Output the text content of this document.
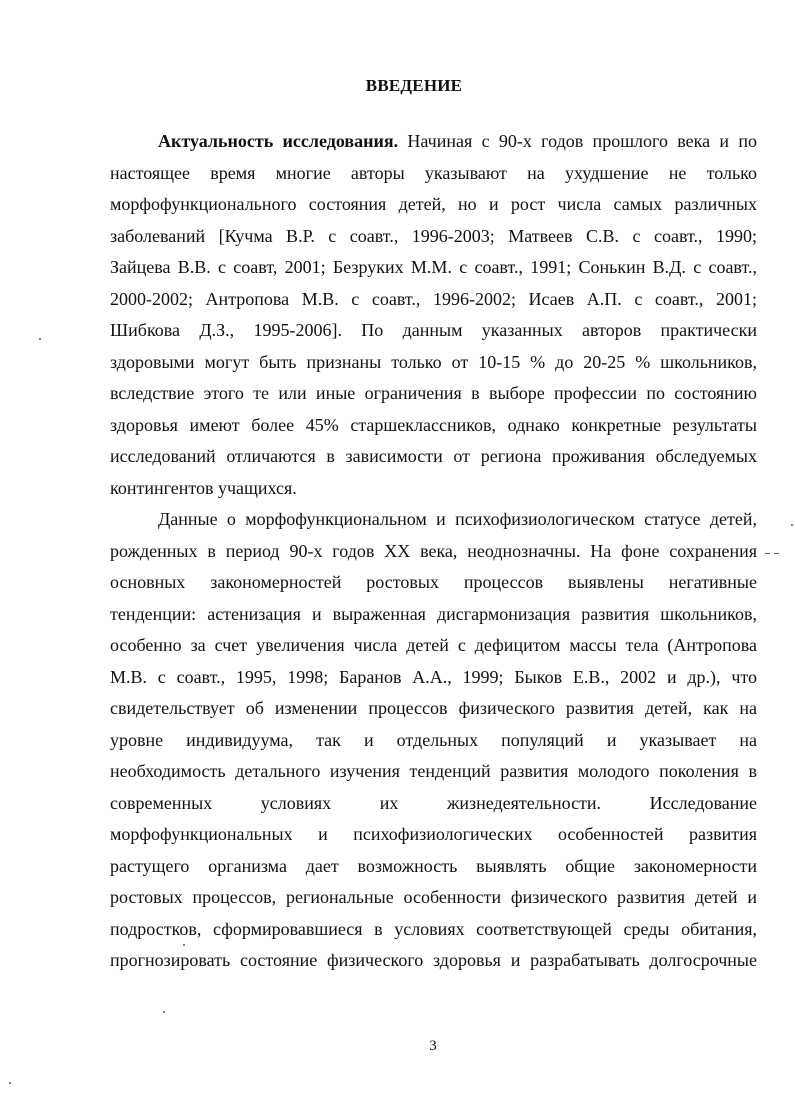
ВВЕДЕНИЕ
Актуальность исследования. Начиная с 90-х годов прошлого века и по
настоящее время многие авторы указывают на ухудшение не только
морфофункционального состояния детей, но и рост числа самых различных
заболеваний [Кучма В.Р. с соавт., 1996-2003; Матвеев С.В. с соавт., 1990;
Зайцева В.В. с соавт, 2001; Безруких М.М. с соавт., 1991; Сонькин В.Д. с соавт.,
2000-2002; Антропова М.В. с соавт., 1996-2002; Исаев А.П. с соавт., 2001;
Шибкова Д.З., 1995-2006]. По данным указанных авторов практически
здоровыми могут быть признаны только от 10-15 % до 20-25 % школьников,
вследствие этого те или иные ограничения в выборе профессии по состоянию
здоровья имеют более 45% старшеклассников, однако конкретные результаты
исследований отличаются в зависимости от региона проживания обследуемых
контингентов учащихся.
Данные о морфофункциональном и психофизиологическом статусе детей,
рожденных в период 90-х годов XX века, неоднозначны. На фоне сохранения
основных закономерностей ростовых процессов выявлены негативные
тенденции: астенизация и выраженная дисгармонизация развития школьников,
особенно за счет увеличения числа детей с дефицитом массы тела (Антропова
М.В. с соавт., 1995, 1998; Баранов А.А., 1999; Быков Е.В., 2002 и др.), что
свидетельствует об изменении процессов физического развития детей, как на
уровне индивидуума, так и отдельных популяций и указывает на
необходимость детального изучения тенденций развития молодого поколения в
современных условиях их жизнедеятельности. Исследование
морфофункциональных и психофизиологических особенностей развития
растущего организма дает возможность выявлять общие закономерности
ростовых процессов, региональные особенности физического развития детей и
подростков, сформировавшиеся в условиях соответствующей среды обитания,
прогнозировать состояние физического здоровья и разрабатывать долгосрочные
3
